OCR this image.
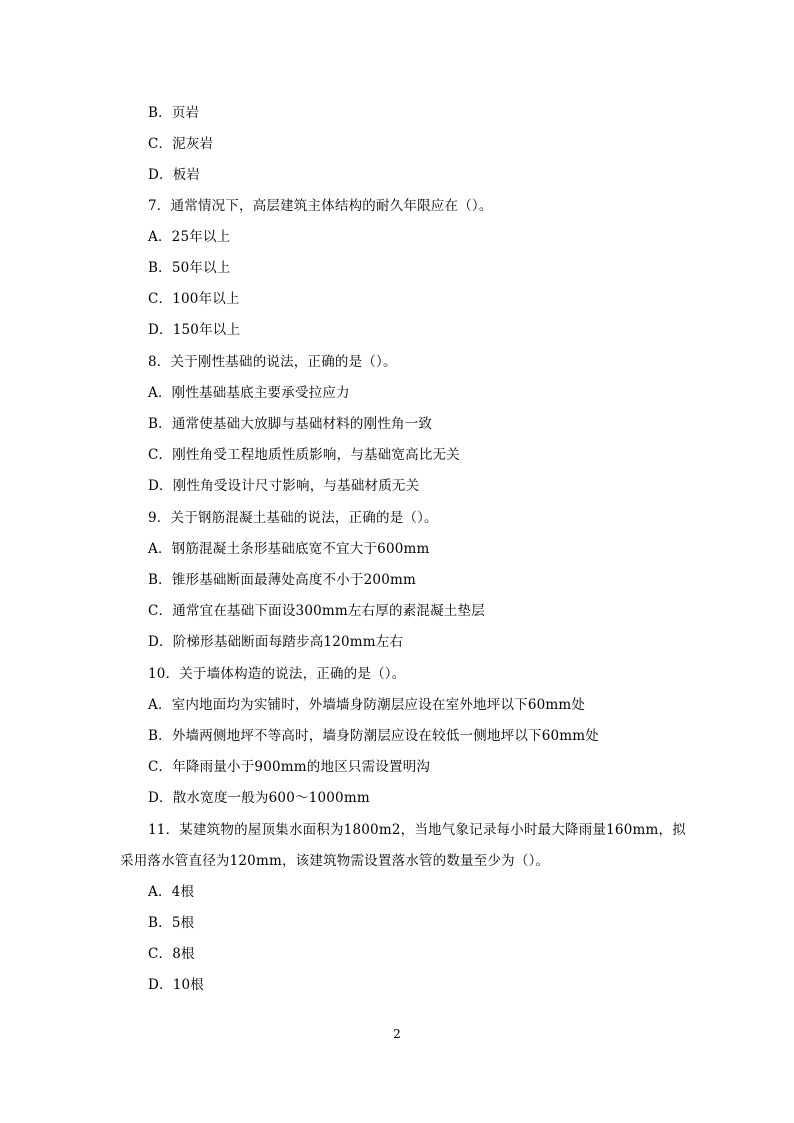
B．页岩
C．泥灰岩
D．板岩
7．通常情况下，高层建筑主体结构的耐久年限应在（）。
A．25年以上
B．50年以上
C．100年以上
D．150年以上
8．关于刚性基础的说法，正确的是（）。
A．刚性基础基底主要承受拉应力
B．通常使基础大放脚与基础材料的刚性角一致
C．刚性角受工程地质性质影响，与基础宽高比无关
D．刚性角受设计尺寸影响，与基础材质无关
9．关于钢筋混凝土基础的说法，正确的是（）。
A．钢筋混凝土条形基础底宽不宜大于600mm
B．锥形基础断面最薄处高度不小于200mm
C．通常宜在基础下面设300mm左右厚的素混凝土垫层
D．阶梯形基础断面每踏步高120mm左右
10．关于墙体构造的说法，正确的是（）。
A．室内地面均为实铺时，外墙墙身防潮层应设在室外地坪以下60mm处
B．外墙两侧地坪不等高时，墙身防潮层应设在较低一侧地坪以下60mm处
C．年降雨量小于900mm的地区只需设置明沟
D．散水宽度一般为600～1000mm
11．某建筑物的屋顶集水面积为1800m2，当地气象记录每小时最大降雨量160mm，拟
采用落水管直径为120mm，该建筑物需设置落水管的数量至少为（）。
A．4根
B．5根
C．8根
D．10根
2
